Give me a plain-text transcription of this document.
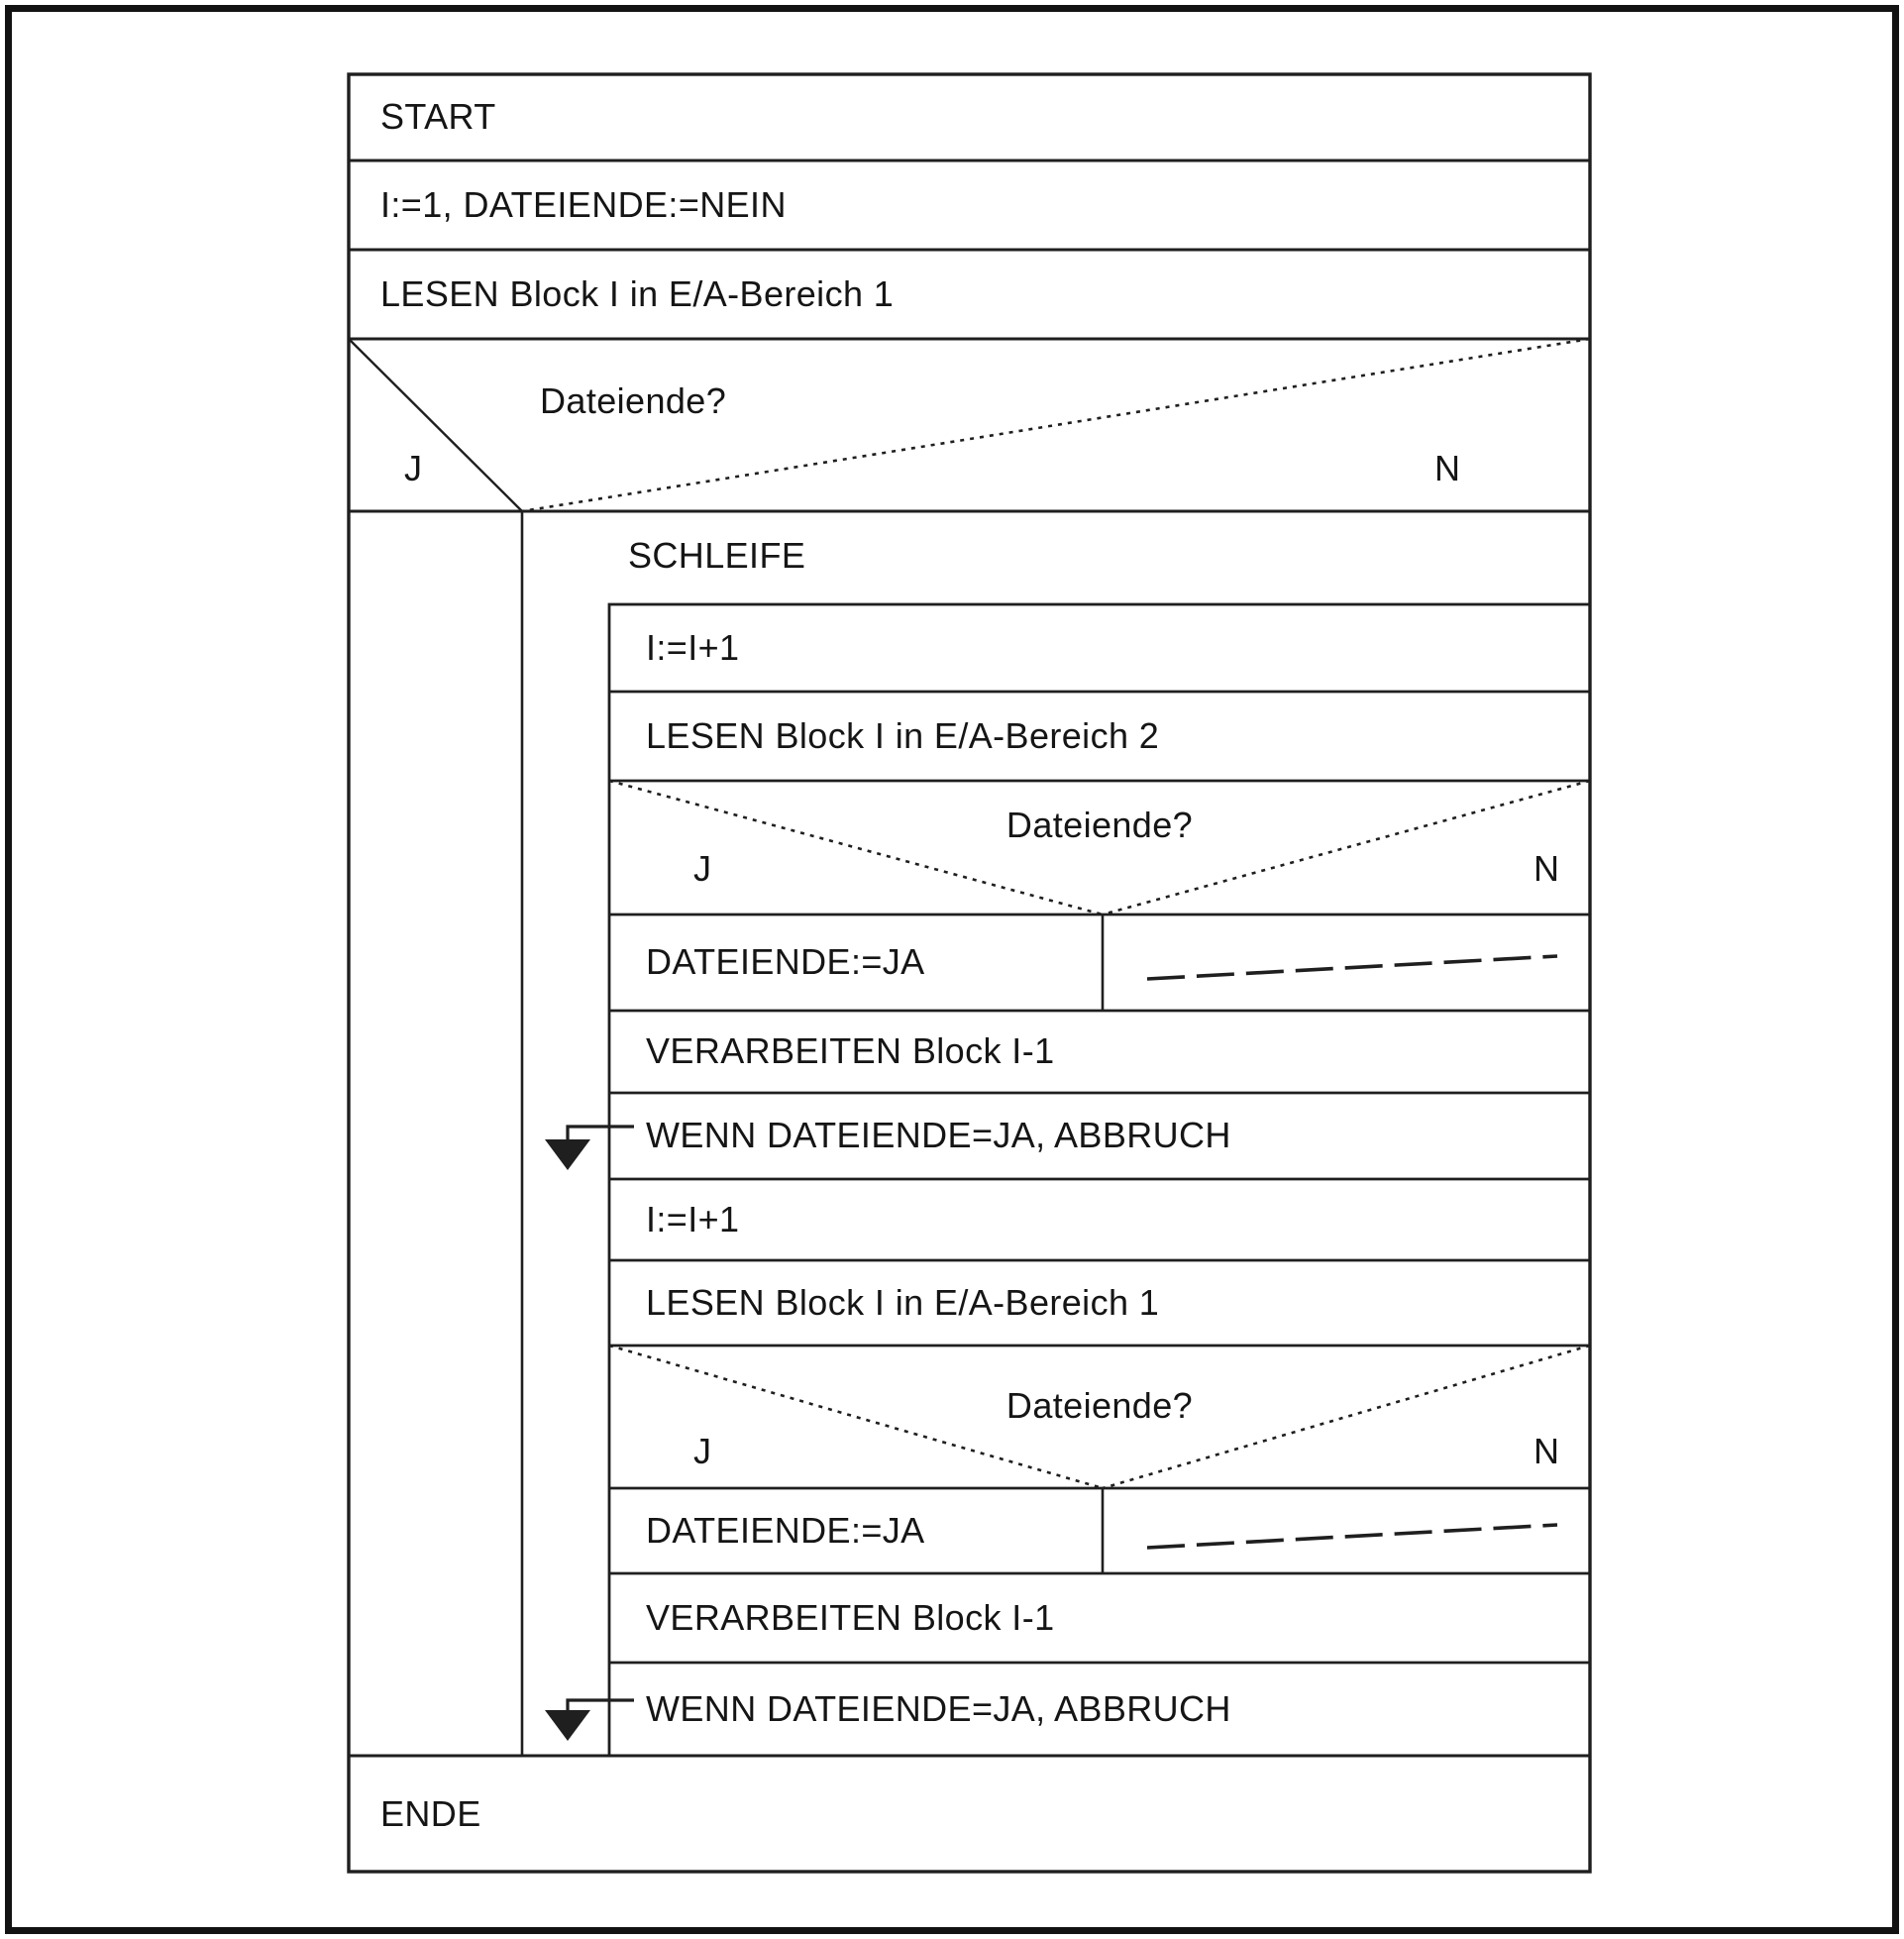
START
I:=1, DATEIENDE:=NEIN
LESEN Block I in E/A-Bereich 1
Dateiende?
J	N
SCHLEIFE
I:=I+1
LESEN Block I in E/A-Bereich 2
Dateiende?
J	N
DATEIENDE:=JA
VERARBEITEN Block I-1
WENN DATEIENDE=JA, ABBRUCH
I:=I+1
LESEN Block I in E/A-Bereich 1
Dateiende?
J	N
DATEIENDE:=JA
VERARBEITEN Block I-1
WENN DATEIENDE=JA, ABBRUCH
ENDE
